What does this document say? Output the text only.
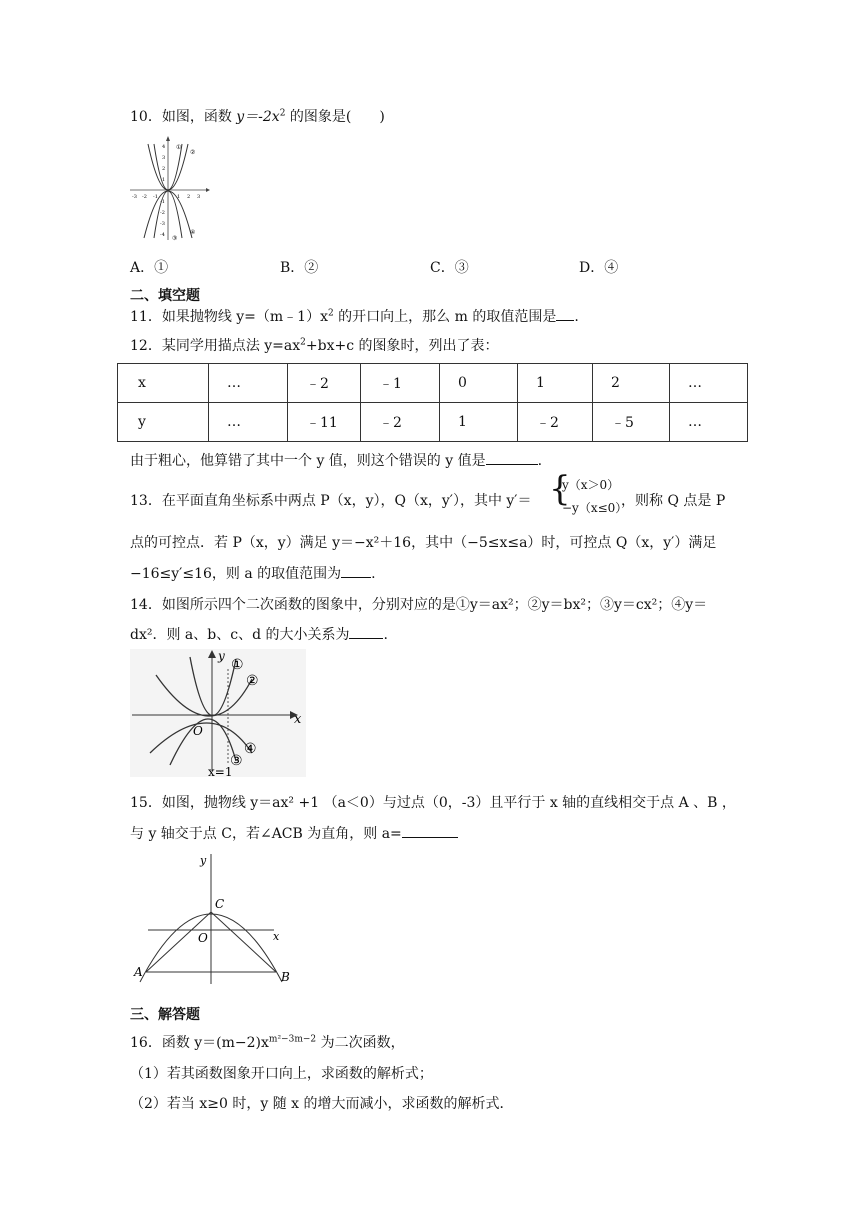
10．如图，函数 $y=-2x^2$ 的图象是(　　)
①
②
③
④
-3 -2 -1	1 2 3
4
3
2
1
-1
-2
-3
-4
A．①	B．②	C．③	D．④
二、填空题
11．如果抛物线 $y=(m﹣1)x^2$ 的开口向上，那么 m 的取值范围是 .
12．某同学用描点法 $y=ax^2+bx+c$ 的图象时，列出了表：
x	…	﹣2	﹣1	0	1	2	…
y	…	﹣11	﹣2	1	﹣2	﹣5	…
由于粗心，他算错了其中一个 y 值，则这个错误的 y 值是	.
13．在平面直角坐标系中两点 P（x，y），Q（x，y′），其中 y′＝ {
y（x＞0）
−y（x≤0）
，则称 Q 点是 P
点的可控点．若 P（x，y）满足 y＝−x²＋16，其中（−5≤x≤a）时，可控点 Q（x，y′）满足
−16≤y′≤16，则 a 的取值范围为 .
14．如图所示四个二次函数的图象中，分别对应的是①y＝ax²；②y＝bx²；③y＝cx²；④y＝
dx²．则 a、b、c、d 的大小关系为 .
y
x
O
x=1
①
②
③
④
15．如图，抛物线 y＝ax² +1 （a＜0）与过点（0，-3）且平行于 x 轴的直线相交于点 A 、B ，
与 y 轴交于点 C，若∠ACB 为直角，则 a=
y
x
C
O
A	B
三、解答题
16．函数 $y=(m-2)x^{m^2-3m-2}$ 为二次函数，
（1）若其函数图象开口向上，求函数的解析式；
（2）若当 x≥0 时，y 随 x 的增大而减小，求函数的解析式．
